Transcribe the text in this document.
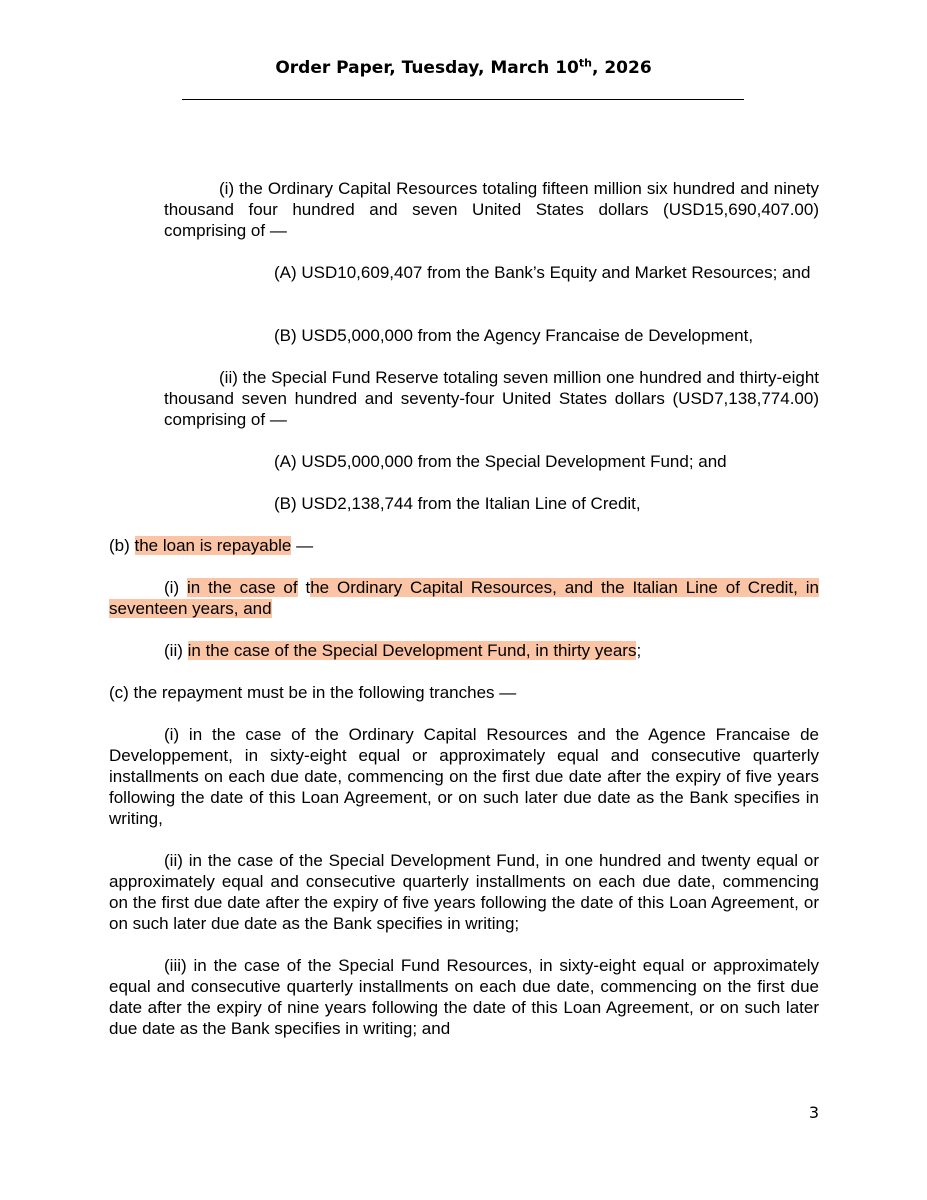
Order Paper, Tuesday, March 10th, 2026

(i) the Ordinary Capital Resources totaling fifteen million six hundred and ninety thousand four hundred and seven United States dollars (USD15,690,407.00) comprising of —

(A) USD10,609,407 from the Bank’s Equity and Market Resources; and

(B) USD5,000,000 from the Agency Francaise de Development,

(ii) the Special Fund Reserve totaling seven million one hundred and thirty-eight thousand seven hundred and seventy-four United States dollars (USD7,138,774.00) comprising of —

(A) USD5,000,000 from the Special Development Fund; and

(B) USD2,138,744 from the Italian Line of Credit,

(b) the loan is repayable —

(i) in the case of the Ordinary Capital Resources, and the Italian Line of Credit, in seventeen years, and

(ii) in the case of the Special Development Fund, in thirty years;

(c) the repayment must be in the following tranches —

(i) in the case of the Ordinary Capital Resources and the Agence Francaise de Developpement, in sixty-eight equal or approximately equal and consecutive quarterly installments on each due date, commencing on the first due date after the expiry of five years following the date of this Loan Agreement, or on such later due date as the Bank specifies in writing,

(ii) in the case of the Special Development Fund, in one hundred and twenty equal or approximately equal and consecutive quarterly installments on each due date, commencing on the first due date after the expiry of five years following the date of this Loan Agreement, or on such later due date as the Bank specifies in writing;

(iii) in the case of the Special Fund Resources, in sixty-eight equal or approximately equal and consecutive quarterly installments on each due date, commencing on the first due date after the expiry of nine years following the date of this Loan Agreement, or on such later due date as the Bank specifies in writing; and

3
